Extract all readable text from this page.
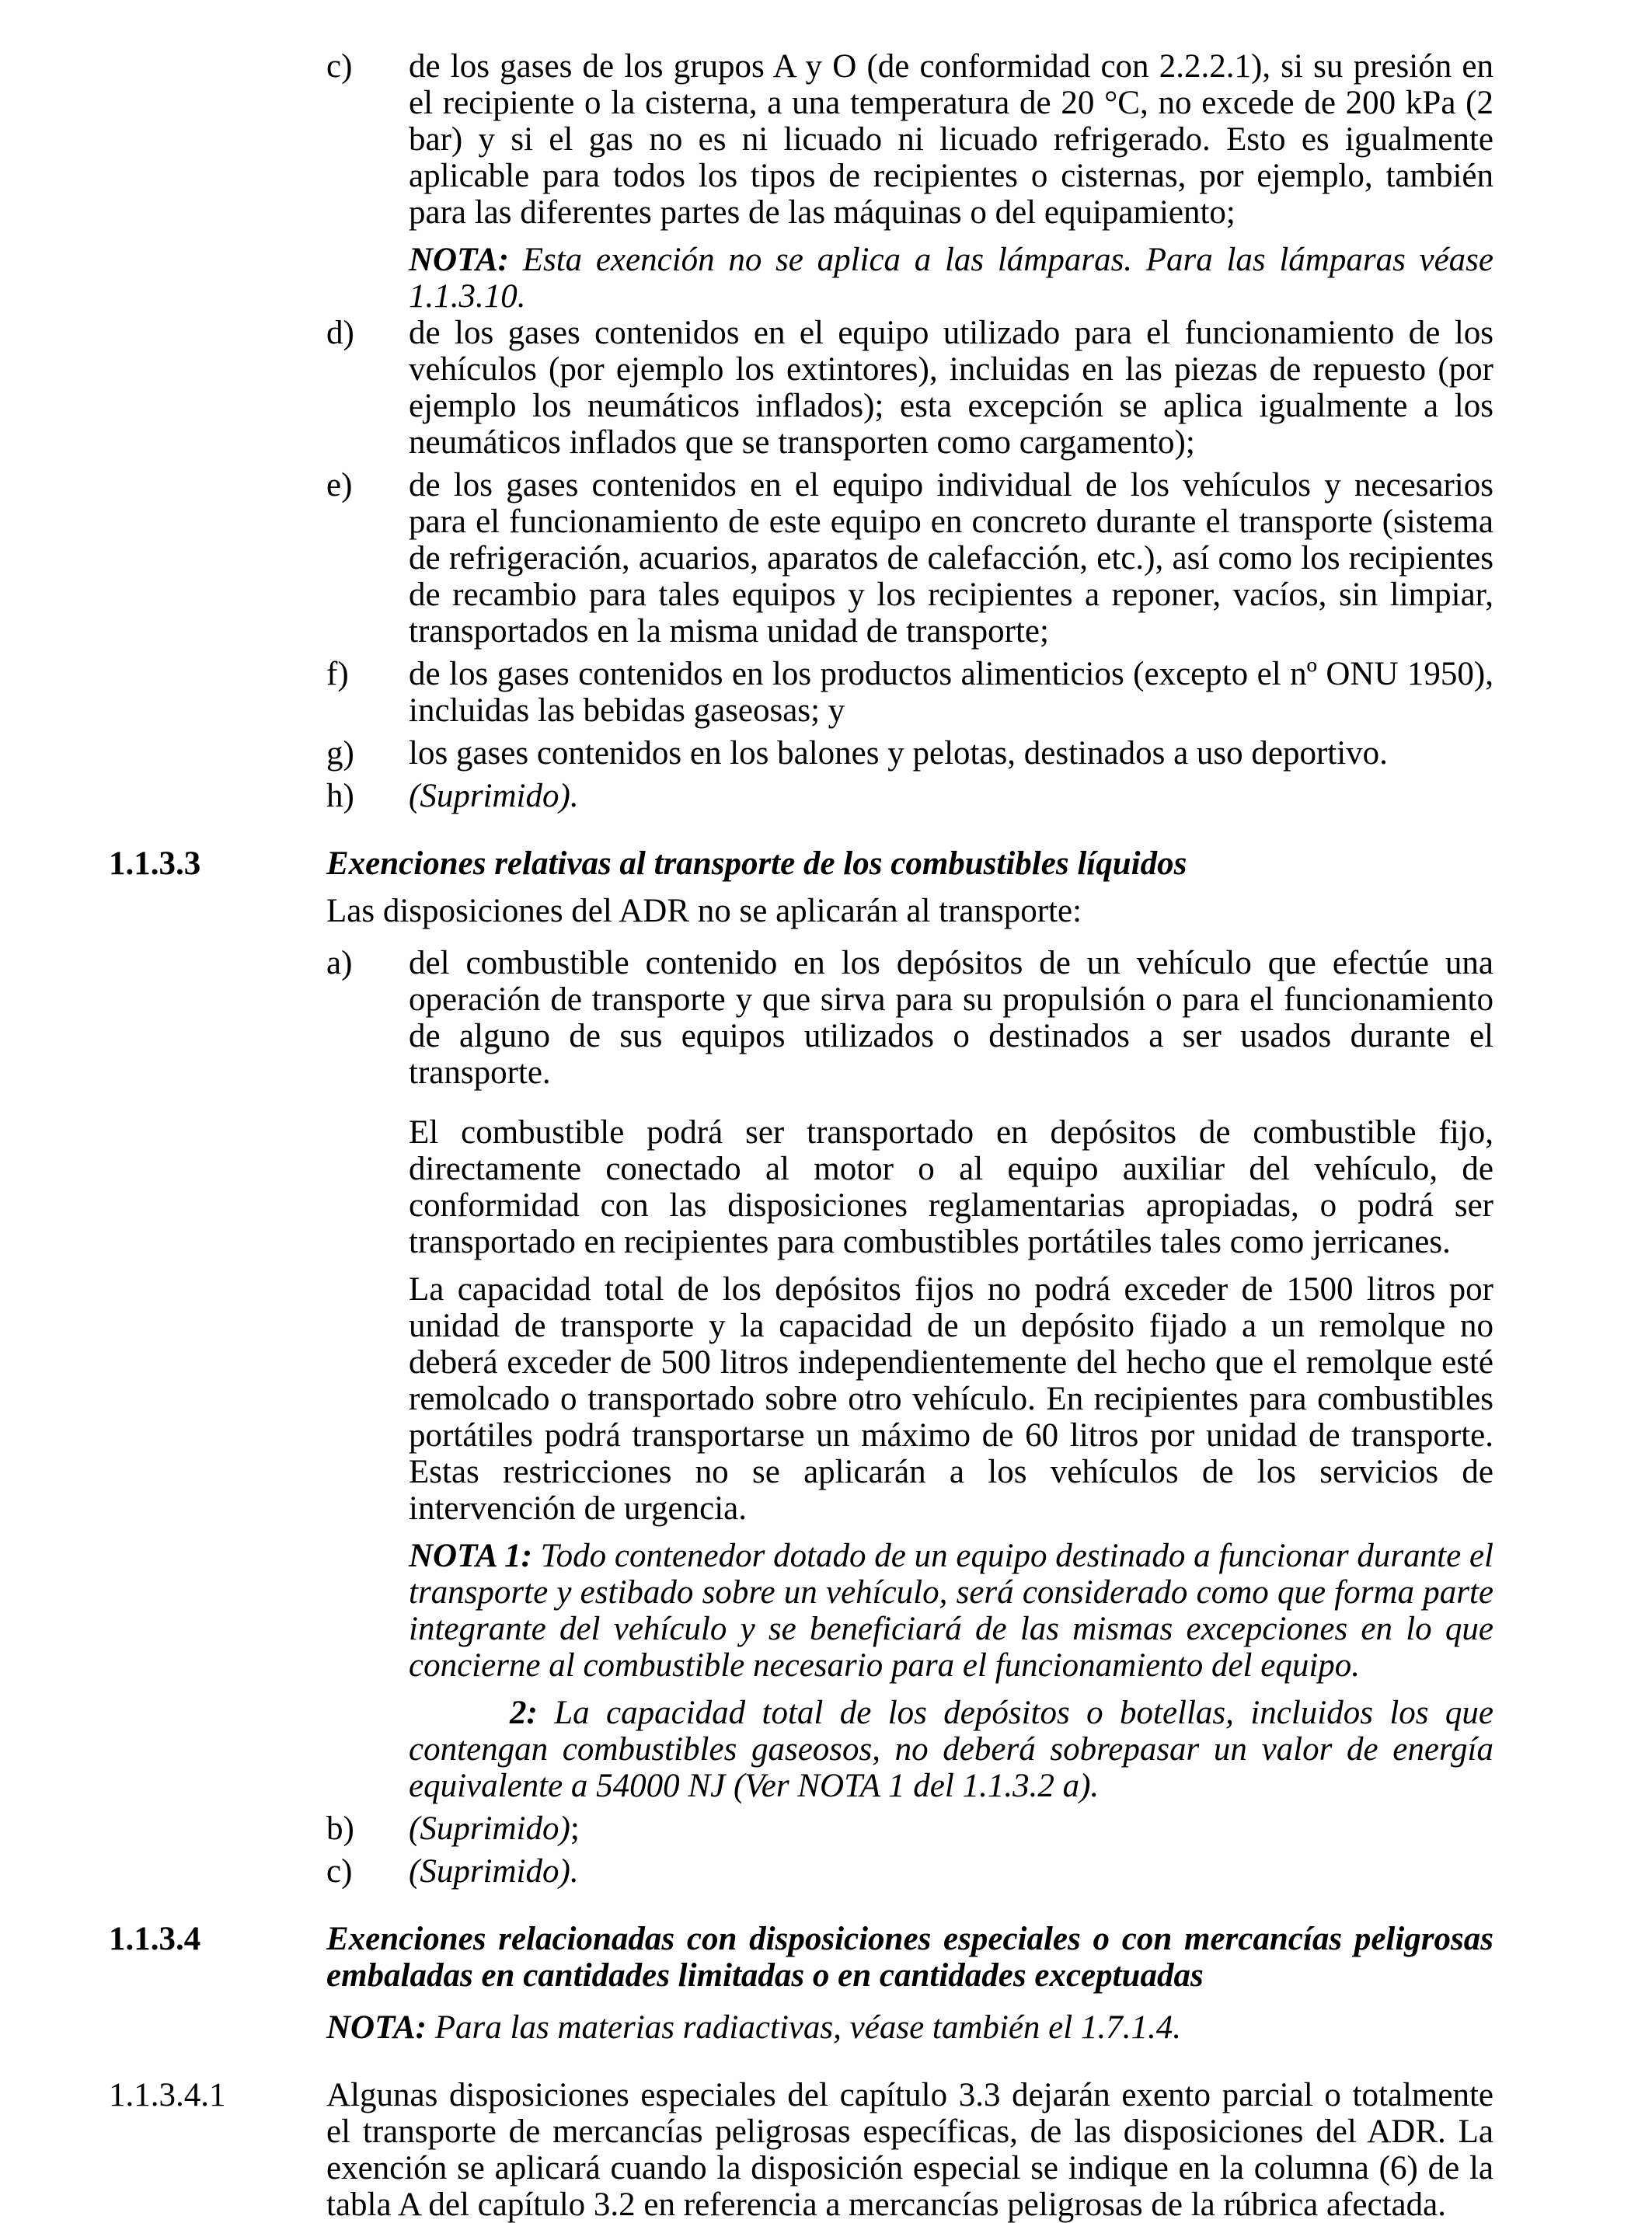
c) de los gases de los grupos A y O (de conformidad con 2.2.2.1), si su presión en el recipiente o la cisterna, a una temperatura de 20 °C, no excede de 200 kPa (2 bar) y si el gas no es ni licuado ni licuado refrigerado. Esto es igualmente aplicable para todos los tipos de recipientes o cisternas, por ejemplo, también para las diferentes partes de las máquinas o del equipamiento;
NOTA: Esta exención no se aplica a las lámparas. Para las lámparas véase 1.1.3.10.
d) de los gases contenidos en el equipo utilizado para el funcionamiento de los vehículos (por ejemplo los extintores), incluidas en las piezas de repuesto (por ejemplo los neumáticos inflados); esta excepción se aplica igualmente a los neumáticos inflados que se transporten como cargamento);
e) de los gases contenidos en el equipo individual de los vehículos y necesarios para el funcionamiento de este equipo en concreto durante el transporte (sistema de refrigeración, acuarios, aparatos de calefacción, etc.), así como los recipientes de recambio para tales equipos y los recipientes a reponer, vacíos, sin limpiar, transportados en la misma unidad de transporte;
f) de los gases contenidos en los productos alimenticios (excepto el nº ONU 1950), incluidas las bebidas gaseosas; y
g) los gases contenidos en los balones y pelotas, destinados a uso deportivo.
h) (Suprimido).
1.1.3.3	Exenciones relativas al transporte de los combustibles líquidos
Las disposiciones del ADR no se aplicarán al transporte:
a) del combustible contenido en los depósitos de un vehículo que efectúe una operación de transporte y que sirva para su propulsión o para el funcionamiento de alguno de sus equipos utilizados o destinados a ser usados durante el transporte.
El combustible podrá ser transportado en depósitos de combustible fijo, directamente conectado al motor o al equipo auxiliar del vehículo, de conformidad con las disposiciones reglamentarias apropiadas, o podrá ser transportado en recipientes para combustibles portátiles tales como jerricanes.
La capacidad total de los depósitos fijos no podrá exceder de 1500 litros por unidad de transporte y la capacidad de un depósito fijado a un remolque no deberá exceder de 500 litros independientemente del hecho que el remolque esté remolcado o transportado sobre otro vehículo. En recipientes para combustibles portátiles podrá transportarse un máximo de 60 litros por unidad de transporte. Estas restricciones no se aplicarán a los vehículos de los servicios de intervención de urgencia.
NOTA 1: Todo contenedor dotado de un equipo destinado a funcionar durante el transporte y estibado sobre un vehículo, será considerado como que forma parte integrante del vehículo y se beneficiará de las mismas excepciones en lo que concierne al combustible necesario para el funcionamiento del equipo.
2: La capacidad total de los depósitos o botellas, incluidos los que contengan combustibles gaseosos, no deberá sobrepasar un valor de energía equivalente a 54000 NJ (Ver NOTA 1 del 1.1.3.2 a).
b) (Suprimido);
c) (Suprimido).
1.1.3.4	Exenciones relacionadas con disposiciones especiales o con mercancías peligrosas embaladas en cantidades limitadas o en cantidades exceptuadas
NOTA: Para las materias radiactivas, véase también el 1.7.1.4.
1.1.3.4.1	Algunas disposiciones especiales del capítulo 3.3 dejarán exento parcial o totalmente el transporte de mercancías peligrosas específicas, de las disposiciones del ADR. La exención se aplicará cuando la disposición especial se indique en la columna (6) de la tabla A del capítulo 3.2 en referencia a mercancías peligrosas de la rúbrica afectada.
